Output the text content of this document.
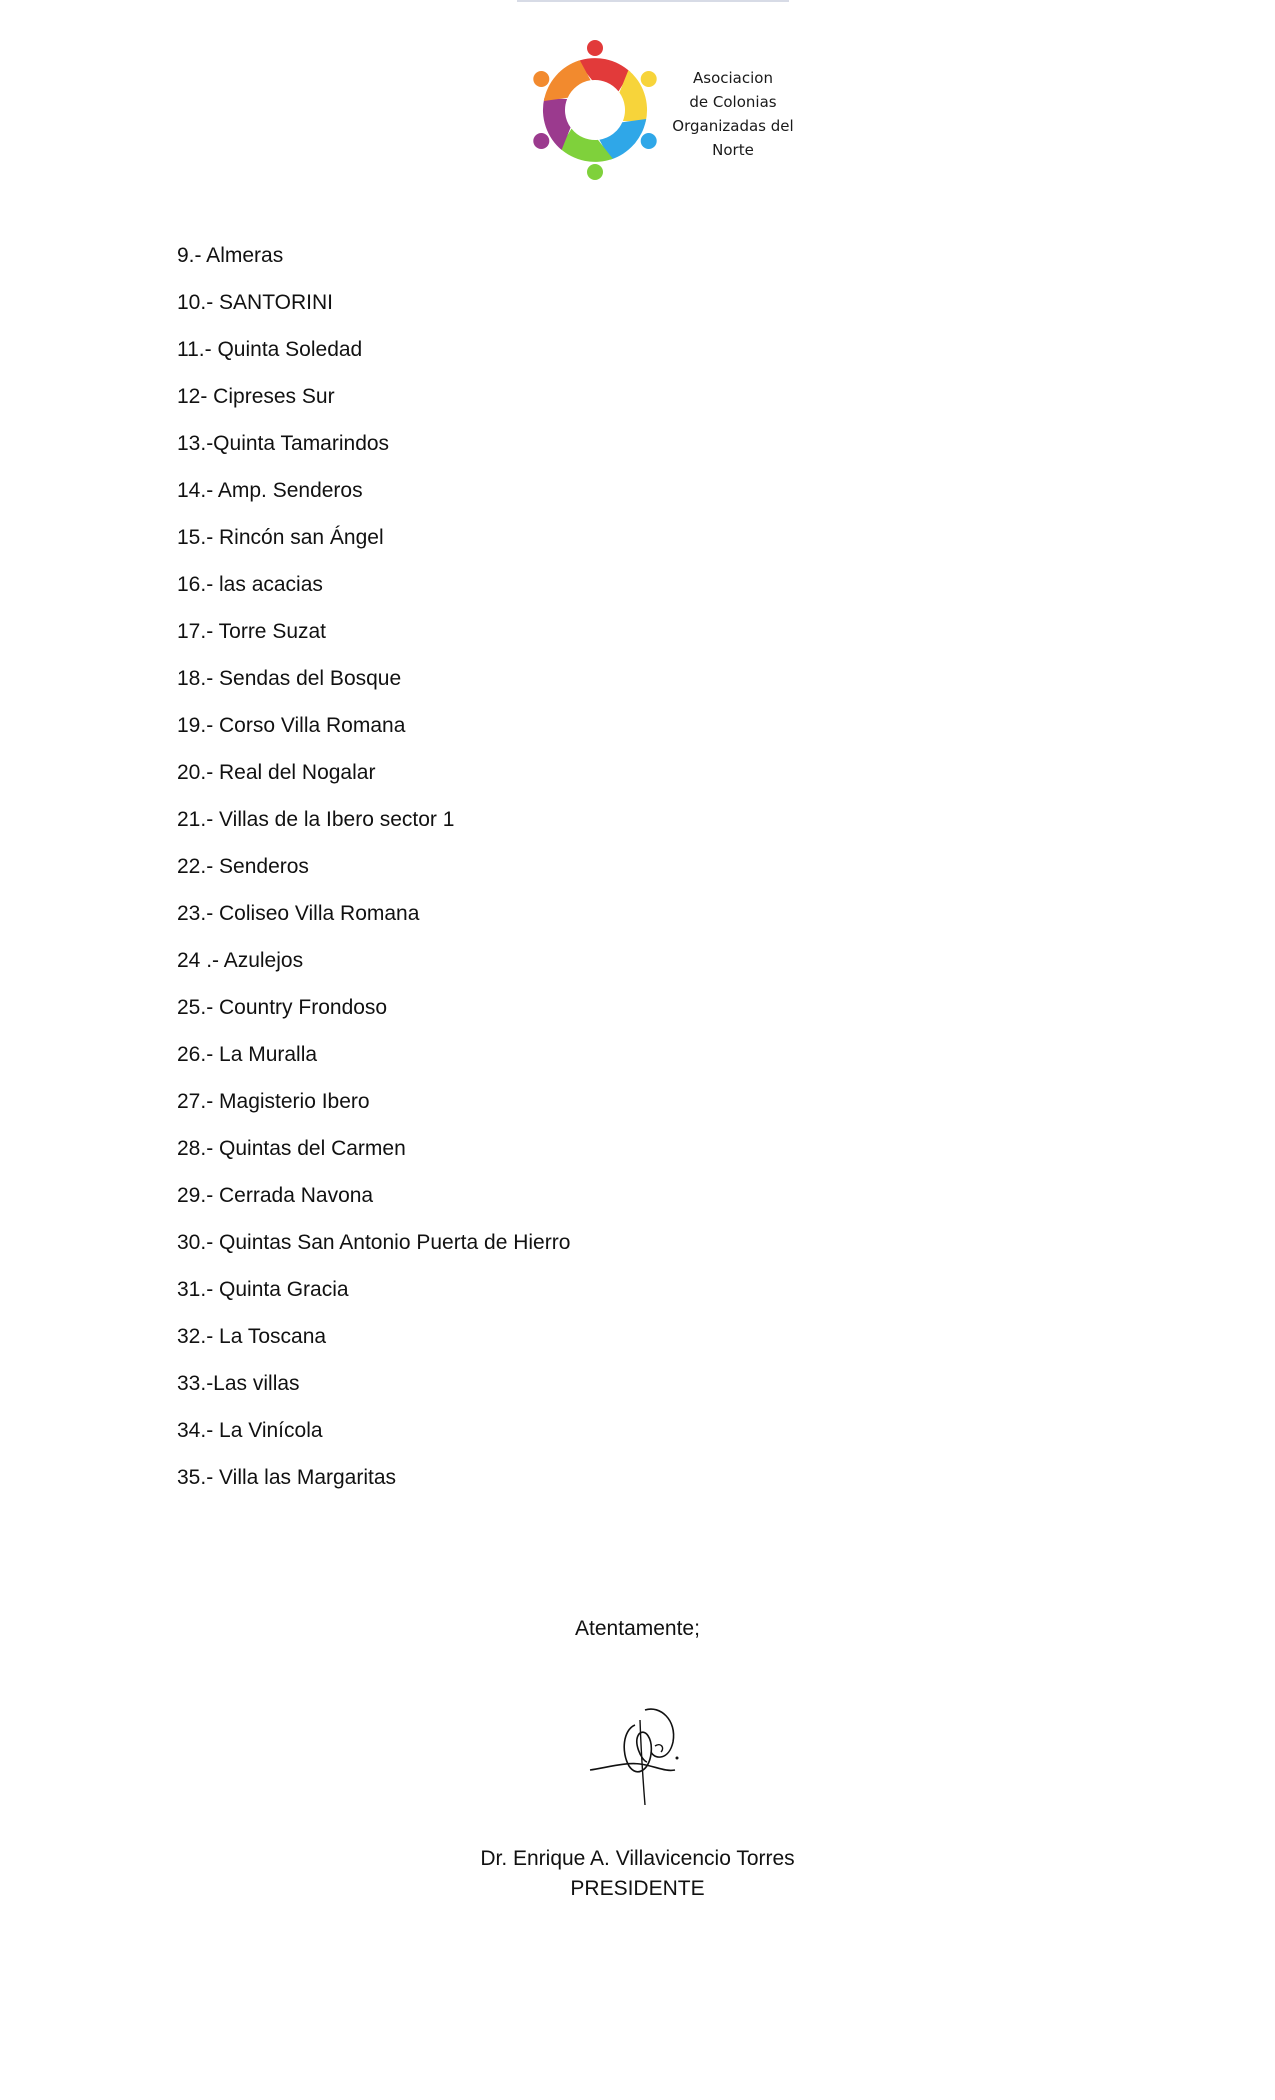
Asociacion
de Colonias
Organizadas del
Norte
9.- Almeras
10.- SANTORINI
11.- Quinta Soledad
12- Cipreses Sur
13.-Quinta Tamarindos
14.- Amp. Senderos
15.- Rincón san Ángel
16.- las acacias
17.- Torre Suzat
18.- Sendas del Bosque
19.- Corso Villa Romana
20.- Real del Nogalar
21.- Villas de la Ibero sector 1
22.- Senderos
23.- Coliseo Villa Romana
24 .- Azulejos
25.- Country Frondoso
26.- La Muralla
27.- Magisterio Ibero
28.- Quintas del Carmen
29.- Cerrada Navona
30.- Quintas San Antonio Puerta de Hierro
31.- Quinta Gracia
32.- La Toscana
33.-Las villas
34.- La Vinícola
35.- Villa las Margaritas
Atentamente;
Dr. Enrique A. Villavicencio Torres
PRESIDENTE
